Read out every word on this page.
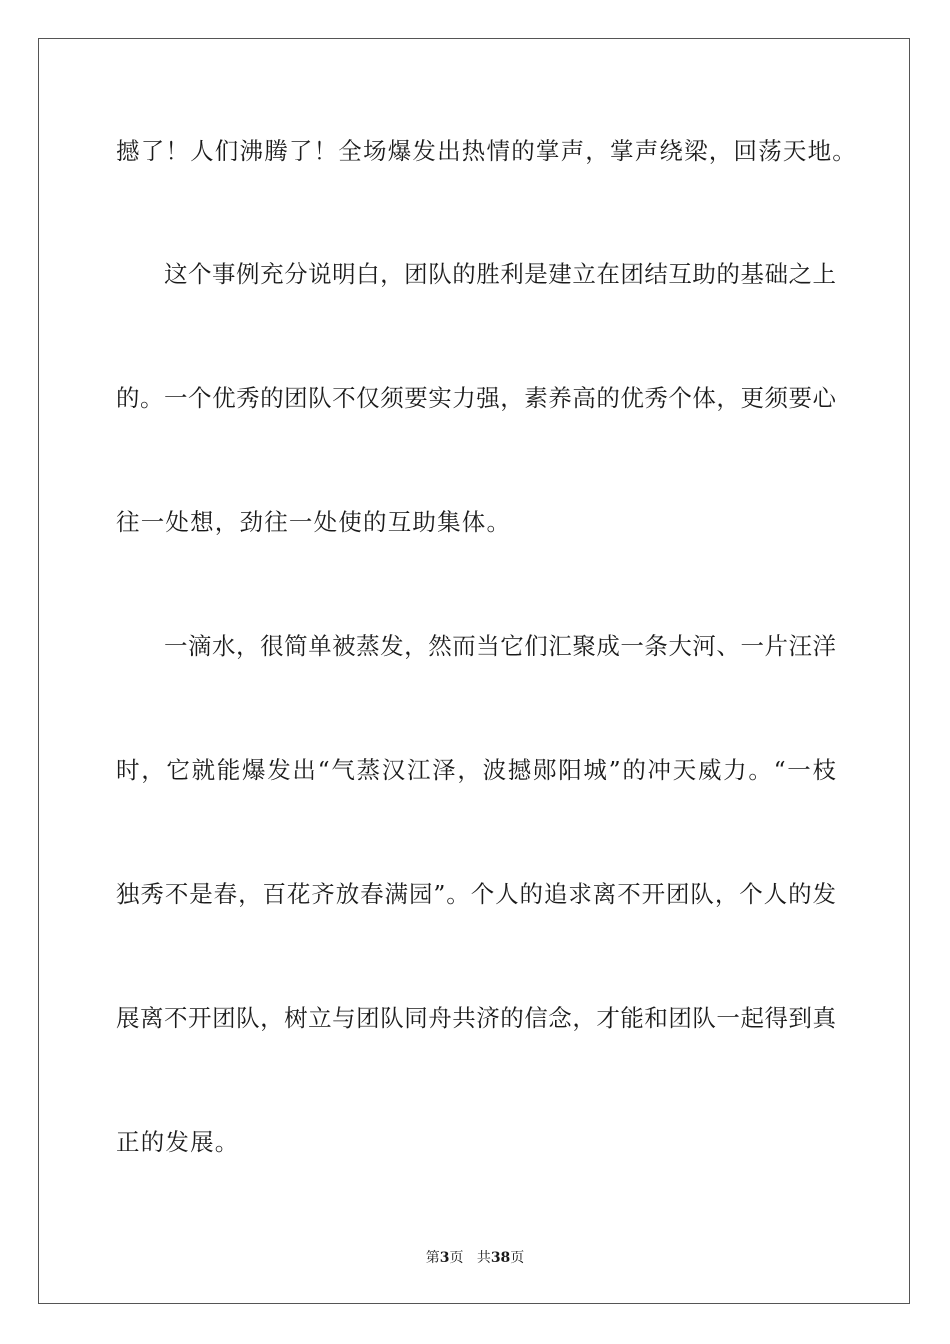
撼了！人们沸腾了！全场爆发出热情的掌声，掌声绕梁，回荡天地。
这个事例充分说明白，团队的胜利是建立在团结互助的基础之上
的。一个优秀的团队不仅须要实力强，素养高的优秀个体，更须要心
往一处想，劲往一处使的互助集体。
一滴水，很简单被蒸发，然而当它们汇聚成一条大河、一片汪洋
时，它就能爆发出“气蒸汉江泽，波撼郧阳城”的冲天威力。“一枝
独秀不是春，百花齐放春满园”。个人的追求离不开团队，个人的发
展离不开团队，树立与团队同舟共济的信念，才能和团队一起得到真
正的发展。
第3页 共38页
